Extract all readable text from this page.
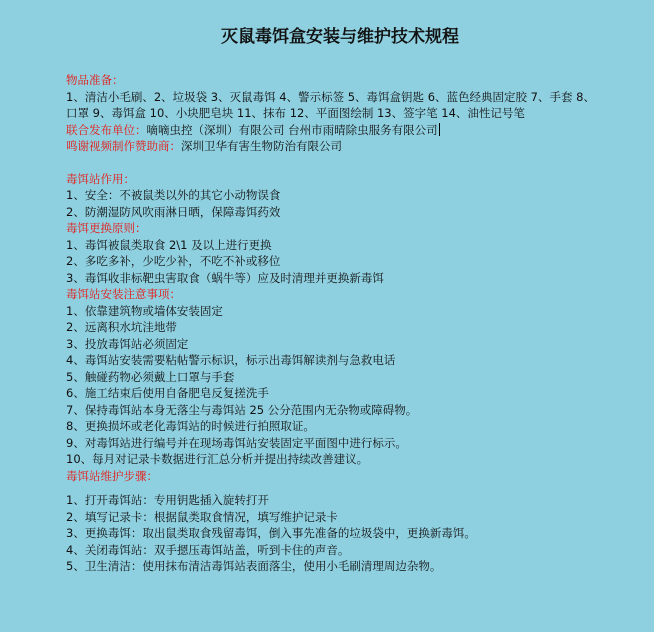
灭鼠毒饵盒安装与维护技术规程
物品准备：
1、清洁小毛刷、2、垃圾袋 3、灭鼠毒饵 4、警示标签 5、毒饵盒钥匙 6、蓝色经典固定胶 7、手套 8、口罩 9、毒饵盒 10、小块肥皂块 11、抹布 12、平面图绘制 13、签字笔 14、油性记号笔
联合发布单位：嘀嘀虫控（深圳）有限公司 台州市雨晴除虫服务有限公司
鸣谢视频制作赞助商：深圳卫华有害生物防治有限公司
毒饵站作用：
1、安全：不被鼠类以外的其它小动物误食
2、防潮湿防风吹雨淋日晒，保障毒饵药效
毒饵更换原则：
1、毒饵被鼠类取食 2\1 及以上进行更换
2、多吃多补，少吃少补，不吃不补或移位
3、毒饵收非标靶虫害取食（蜗牛等）应及时清理并更换新毒饵
毒饵站安装注意事项：
1、依靠建筑物或墙体安装固定
2、远离积水坑洼地带
3、投放毒饵站必须固定
4、毒饵站安装需要粘帖警示标识，标示出毒饵解读剂与急救电话
5、触碰药物必须戴上口罩与手套
6、施工结束后使用自备肥皂反复搓洗手
7、保持毒饵站本身无落尘与毒饵站 25 公分范围内无杂物或障碍物。
8、更换损坏或老化毒饵站的时候进行拍照取证。
9、对毒饵站进行编号并在现场毒饵站安装固定平面图中进行标示。
10、每月对记录卡数据进行汇总分析并提出持续改善建议。
毒饵站维护步骤：
1、打开毒饵站：专用钥匙插入旋转打开
2、填写记录卡：根据鼠类取食情况，填写维护记录卡
3、更换毒饵：取出鼠类取食残留毒饵，倒入事先准备的垃圾袋中，更换新毒饵。
4、关闭毒饵站：双手摁压毒饵站盖，听到卡住的声音。
5、卫生清洁：使用抹布清洁毒饵站表面落尘，使用小毛刷清理周边杂物。
